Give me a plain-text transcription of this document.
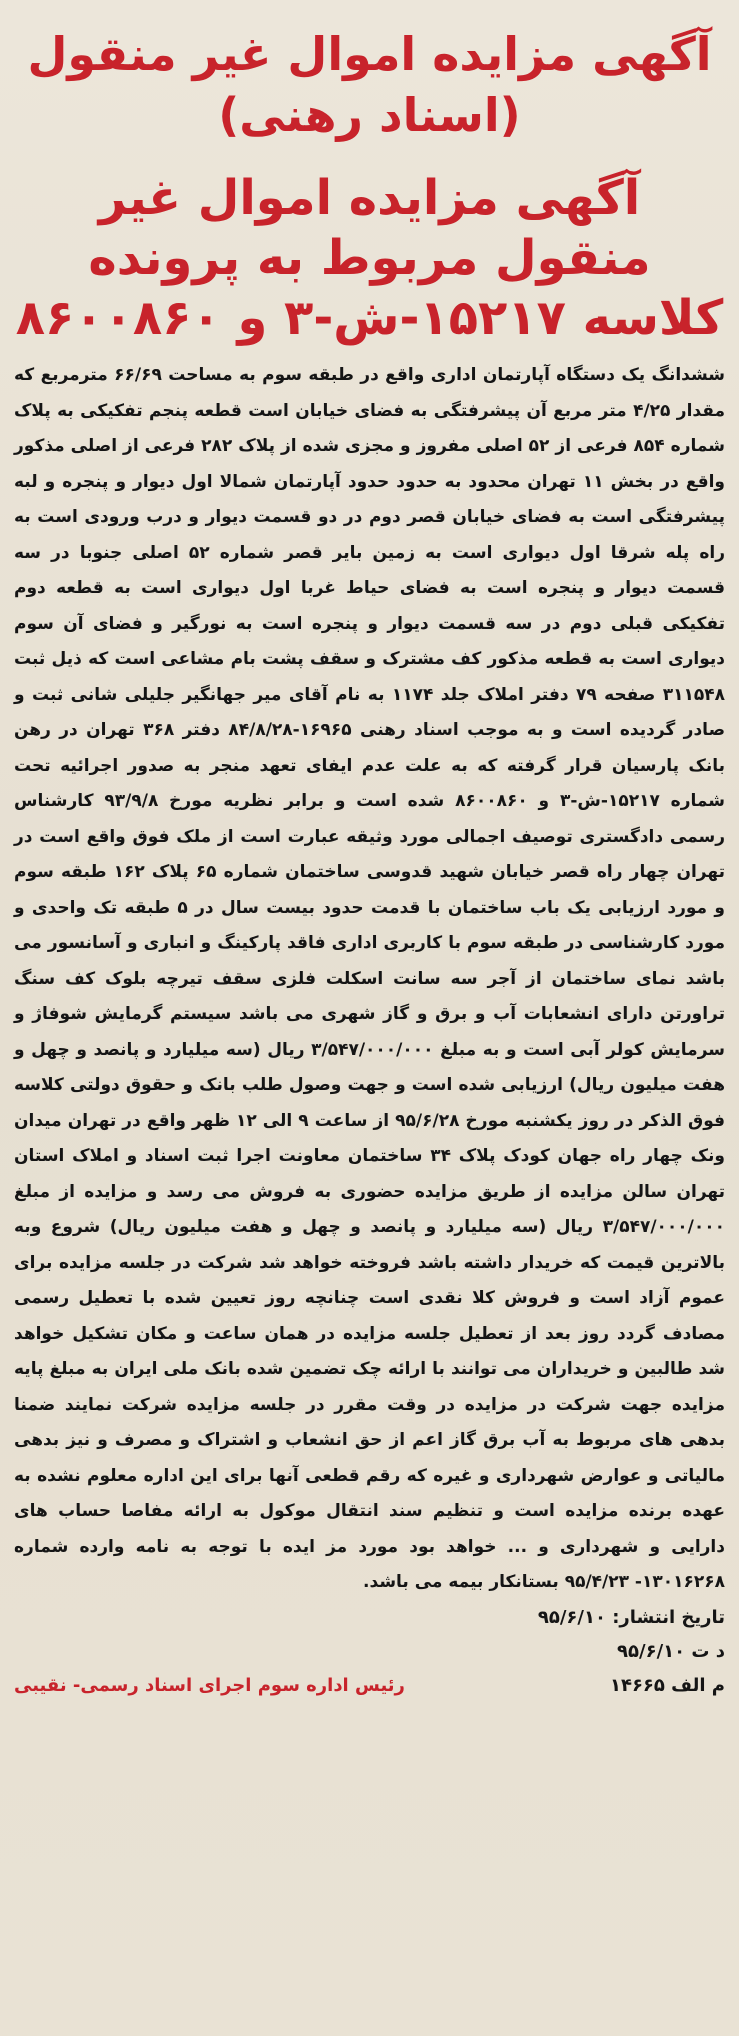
آگهی مزایده اموال غیر منقول
(اسناد رهنی)
آگهی مزایده اموال غیر منقول مربوط به پرونده کلاسه ۱۵۲۱۷-ش-۳ و ۸۶۰۰۸۶۰

ششدانگ یک دستگاه آپارتمان اداری واقع در طبقه سوم به مساحت ۶۶/۶۹ مترمربع که مقدار ۴/۲۵ متر مربع آن پیشرفتگی به فضای خیابان است قطعه پنجم تفکیکی به پلاک شماره ۸۵۴ فرعی از ۵۲ اصلی مفروز و مجزی شده از پلاک ۲۸۲ فرعی از اصلی مذکور واقع در بخش ۱۱ تهران محدود به حدود حدود آپارتمان شمالا اول دیوار و پنجره و لبه پیشرفتگی است به فضای خیابان قصر دوم در دو قسمت دیوار و درب ورودی است به راه پله شرقا اول دیواری است به زمین بایر قصر شماره ۵۲ اصلی جنوبا در سه قسمت دیوار و پنجره است به فضای حیاط غربا اول دیواری است به قطعه دوم تفکیکی قبلی دوم در سه قسمت دیوار و پنجره است به نورگیر و فضای آن سوم دیواری است به قطعه مذکور کف مشترک و سقف پشت بام مشاعی است که ذیل ثبت ۳۱۱۵۴۸ صفحه ۷۹ دفتر املاک جلد ۱۱۷۴ به نام آقای میر جهانگیر جلیلی شانی ثبت و صادر گردیده است و به موجب اسناد رهنی ۱۶۹۶۵-۸۴/۸/۲۸ دفتر ۳۶۸ تهران در رهن بانک پارسیان قرار گرفته که به علت عدم ایفای تعهد منجر به صدور اجرائیه تحت شماره ۱۵۲۱۷-ش-۳ و ۸۶۰۰۸۶۰ شده است و برابر نظریه مورخ ۹۳/۹/۸ کارشناس رسمی دادگستری توصیف اجمالی مورد وثیقه عبارت است از ملک فوق واقع است در تهران چهار راه قصر خیابان شهید قدوسی ساختمان شماره ۶۵ پلاک ۱۶۲ طبقه سوم و مورد ارزیابی یک باب ساختمان با قدمت حدود بیست سال در ۵ طبقه تک واحدی و مورد کارشناسی در طبقه سوم با کاربری اداری فاقد پارکینگ و انباری و آسانسور می باشد نمای ساختمان از آجر سه سانت اسکلت فلزی سقف تیرچه بلوک کف سنگ تراورتن دارای انشعابات آب و برق و گاز شهری می باشد سیستم گرمایش شوفاژ و سرمایش کولر آبی است و به مبلغ ۳/۵۴۷/۰۰۰/۰۰۰ ریال (سه میلیارد و پانصد و چهل و هفت میلیون ریال) ارزیابی شده است و جهت وصول طلب بانک و حقوق دولتی کلاسه فوق الذکر در روز یکشنبه مورخ ۹۵/۶/۲۸ از ساعت ۹ الی ۱۲ ظهر واقع در تهران میدان ونک چهار راه جهان کودک پلاک ۳۴ ساختمان معاونت اجرا ثبت اسناد و املاک استان تهران سالن مزایده از طریق مزایده حضوری به فروش می رسد و مزایده از مبلغ ۳/۵۴۷/۰۰۰/۰۰۰ ریال (سه میلیارد و پانصد و چهل و هفت میلیون ریال) شروع وبه بالاترین قیمت که خریدار داشته باشد فروخته خواهد شد شرکت در جلسه مزایده برای عموم آزاد است و فروش کلا نقدی است چنانچه روز تعیین شده با تعطیل رسمی مصادف گردد روز بعد از تعطیل جلسه مزایده در همان ساعت و مکان تشکیل خواهد شد طالبین و خریداران می توانند با ارائه چک تضمین شده بانک ملی ایران به مبلغ پایه مزایده جهت شرکت در مزایده در وقت مقرر در جلسه مزایده شرکت نمایند ضمنا بدهی های مربوط به آب برق گاز اعم از حق انشعاب و اشتراک و مصرف و نیز بدهی مالیاتی و عوارض شهرداری و غیره که رقم قطعی آنها برای این اداره معلوم نشده به عهده برنده مزایده است و تنظیم سند انتقال موکول به ارائه مفاصا حساب های دارایی و شهرداری و ... خواهد بود مورد مز ایده با توجه به نامه وارده شماره ۱۳۰۱۶۲۶۸- ۹۵/۴/۲۳ بستانکار بیمه می باشد.

تاریخ انتشار: ۹۵/۶/۱۰
د ت ۹۵/۶/۱۰
م الف ۱۴۶۶۵
رئیس اداره سوم اجرای اسناد رسمی- نقیبی
